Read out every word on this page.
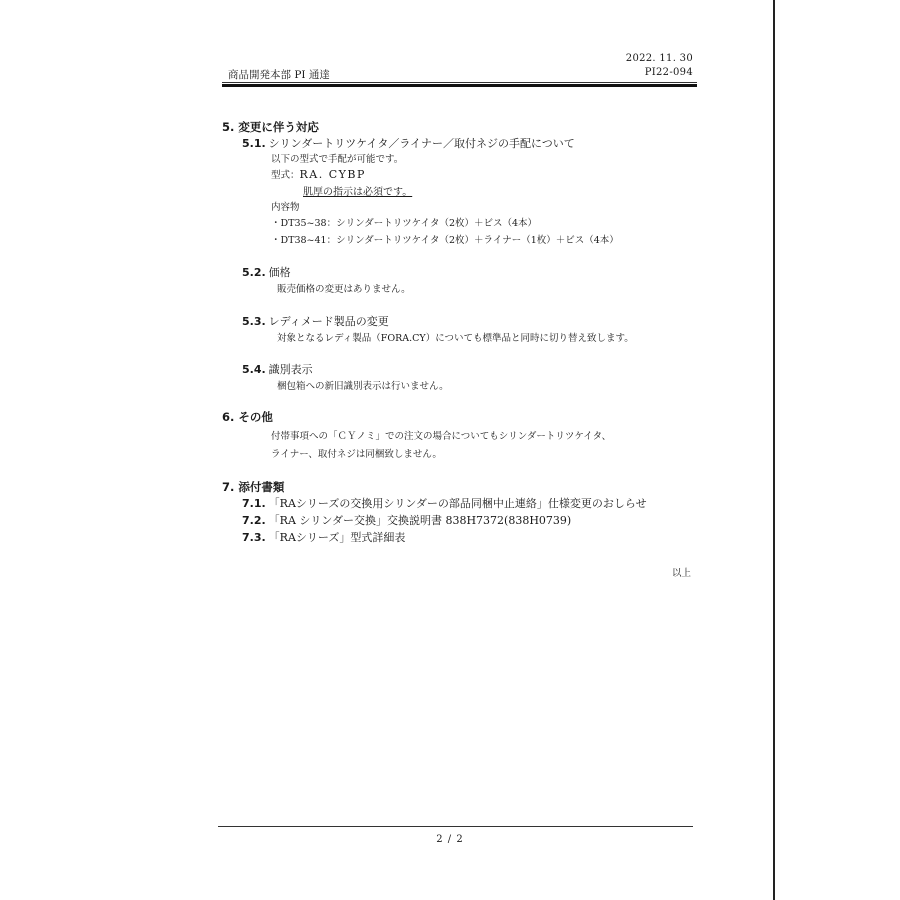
2022. 11. 30
PI22-094
商品開発本部 PI 通達
5. 変更に伴う対応
5.1. シリンダートリツケイタ／ライナー／取付ネジの手配について
以下の型式で手配が可能です。
型式：RA. CYBP
肌厚の指示は必須です。
内容物
・DT35~38：シリンダートリツケイタ（2枚）＋ビス（4本）
・DT38~41：シリンダートリツケイタ（2枚）＋ライナー（1枚）＋ビス（4本）
5.2. 価格
販売価格の変更はありません。
5.3. レディメード製品の変更
対象となるレディ製品（FORA.CY）についても標準品と同時に切り替え致します。
5.4. 識別表示
梱包箱への新旧識別表示は行いません。
6. その他
付帯事項への「ＣＹノミ」での注文の場合についてもシリンダートリツケイタ、
ライナー、取付ネジは同梱致しません。
7. 添付書類
7.1. 「RAシリーズの交換用シリンダーの部品同梱中止連絡」仕様変更のおしらせ
7.2. 「RA シリンダー交換」交換説明書 838H7372(838H0739)
7.3. 「RAシリーズ」型式詳細表
以上
2 / 2
